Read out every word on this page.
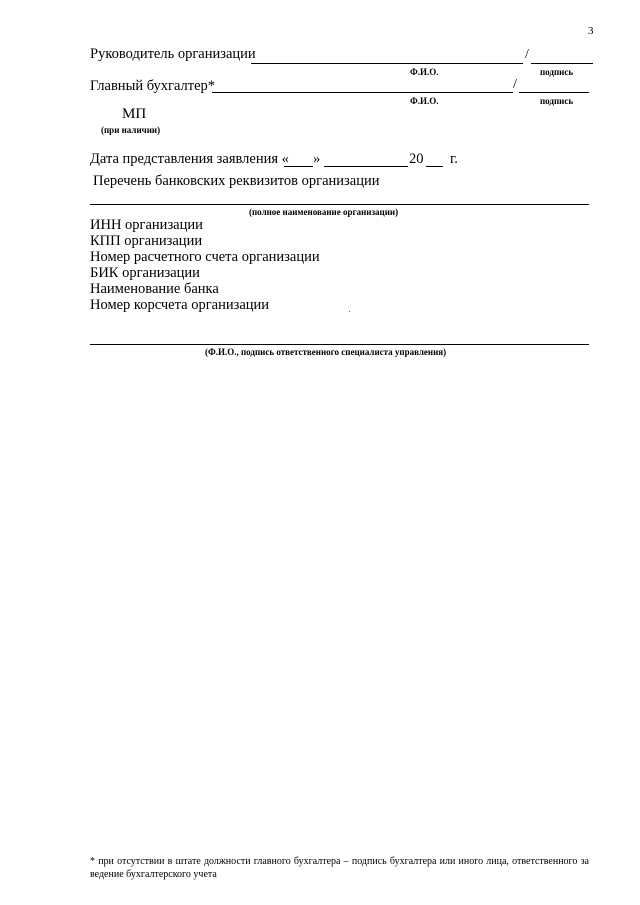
3
Руководитель организации	/
Ф.И.О.	подпись
Главный бухгалтер*	/
Ф.И.О.	подпись
МП
(при наличии)
Дата представления заявления « »	20 г.
Перечень банковских реквизитов организации
(полное наименование организации)
ИНН организации
КПП организации
Номер расчетного счета организации
БИК организации
Наименование банка
Номер корсчета организации
(Ф.И.О., подпись ответственного специалиста управления)
* при отсутствии в штате должности главного бухгалтера – подпись бухгалтера или иного лица, ответственного за ведение бухгалтерского учета
